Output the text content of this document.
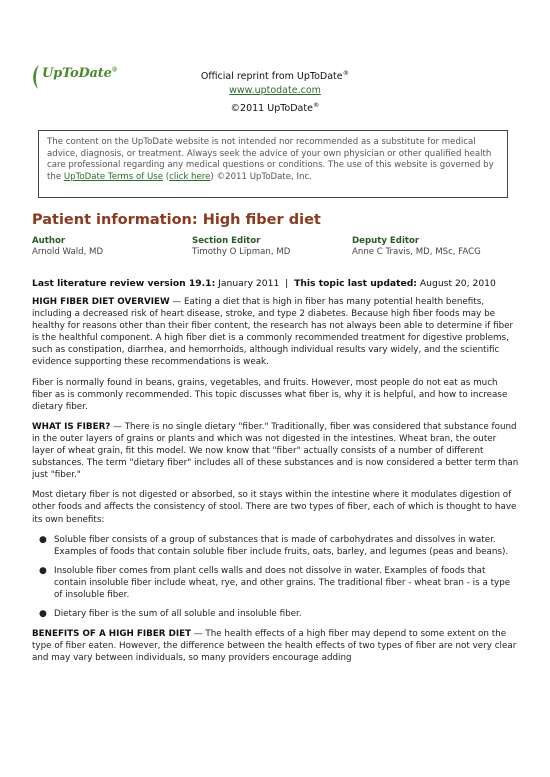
UpToDate®
Official reprint from UpToDate®
www.uptodate.com
©2011 UpToDate®
The content on the UpToDate website is not intended nor recommended as a substitute for medical advice, diagnosis, or treatment. Always seek the advice of your own physician or other qualified health care professional regarding any medical questions or conditions. The use of this website is governed by the UpToDate Terms of Use (click here) ©2011 UpToDate, Inc.
Patient information: High fiber diet
Author
Arnold Wald, MD
Section Editor
Timothy O Lipman, MD
Deputy Editor
Anne C Travis, MD, MSc, FACG
Last literature review version 19.1: January 2011  |  This topic last updated: August 20, 2010

HIGH FIBER DIET OVERVIEW — Eating a diet that is high in fiber has many potential health benefits, including a decreased risk of heart disease, stroke, and type 2 diabetes. Because high fiber foods may be healthy for reasons other than their fiber content, the research has not always been able to determine if fiber is the healthful component. A high fiber diet is a commonly recommended treatment for digestive problems, such as constipation, diarrhea, and hemorrhoids, although individual results vary widely, and the scientific evidence supporting these recommendations is weak.

Fiber is normally found in beans, grains, vegetables, and fruits. However, most people do not eat as much fiber as is commonly recommended. This topic discusses what fiber is, why it is helpful, and how to increase dietary fiber.

WHAT IS FIBER? — There is no single dietary "fiber." Traditionally, fiber was considered that substance found in the outer layers of grains or plants and which was not digested in the intestines. Wheat bran, the outer layer of wheat grain, fit this model. We now know that "fiber" actually consists of a number of different substances. The term "dietary fiber" includes all of these substances and is now considered a better term than just "fiber."

Most dietary fiber is not digested or absorbed, so it stays within the intestine where it modulates digestion of other foods and affects the consistency of stool. There are two types of fiber, each of which is thought to have its own benefits:

● Soluble fiber consists of a group of substances that is made of carbohydrates and dissolves in water. Examples of foods that contain soluble fiber include fruits, oats, barley, and legumes (peas and beans).
● Insoluble fiber comes from plant cells walls and does not dissolve in water. Examples of foods that contain insoluble fiber include wheat, rye, and other grains. The traditional fiber - wheat bran - is a type of insoluble fiber.
● Dietary fiber is the sum of all soluble and insoluble fiber.

BENEFITS OF A HIGH FIBER DIET — The health effects of a high fiber may depend to some extent on the type of fiber eaten. However, the difference between the health effects of two types of fiber are not very clear and may vary between individuals, so many providers encourage adding
